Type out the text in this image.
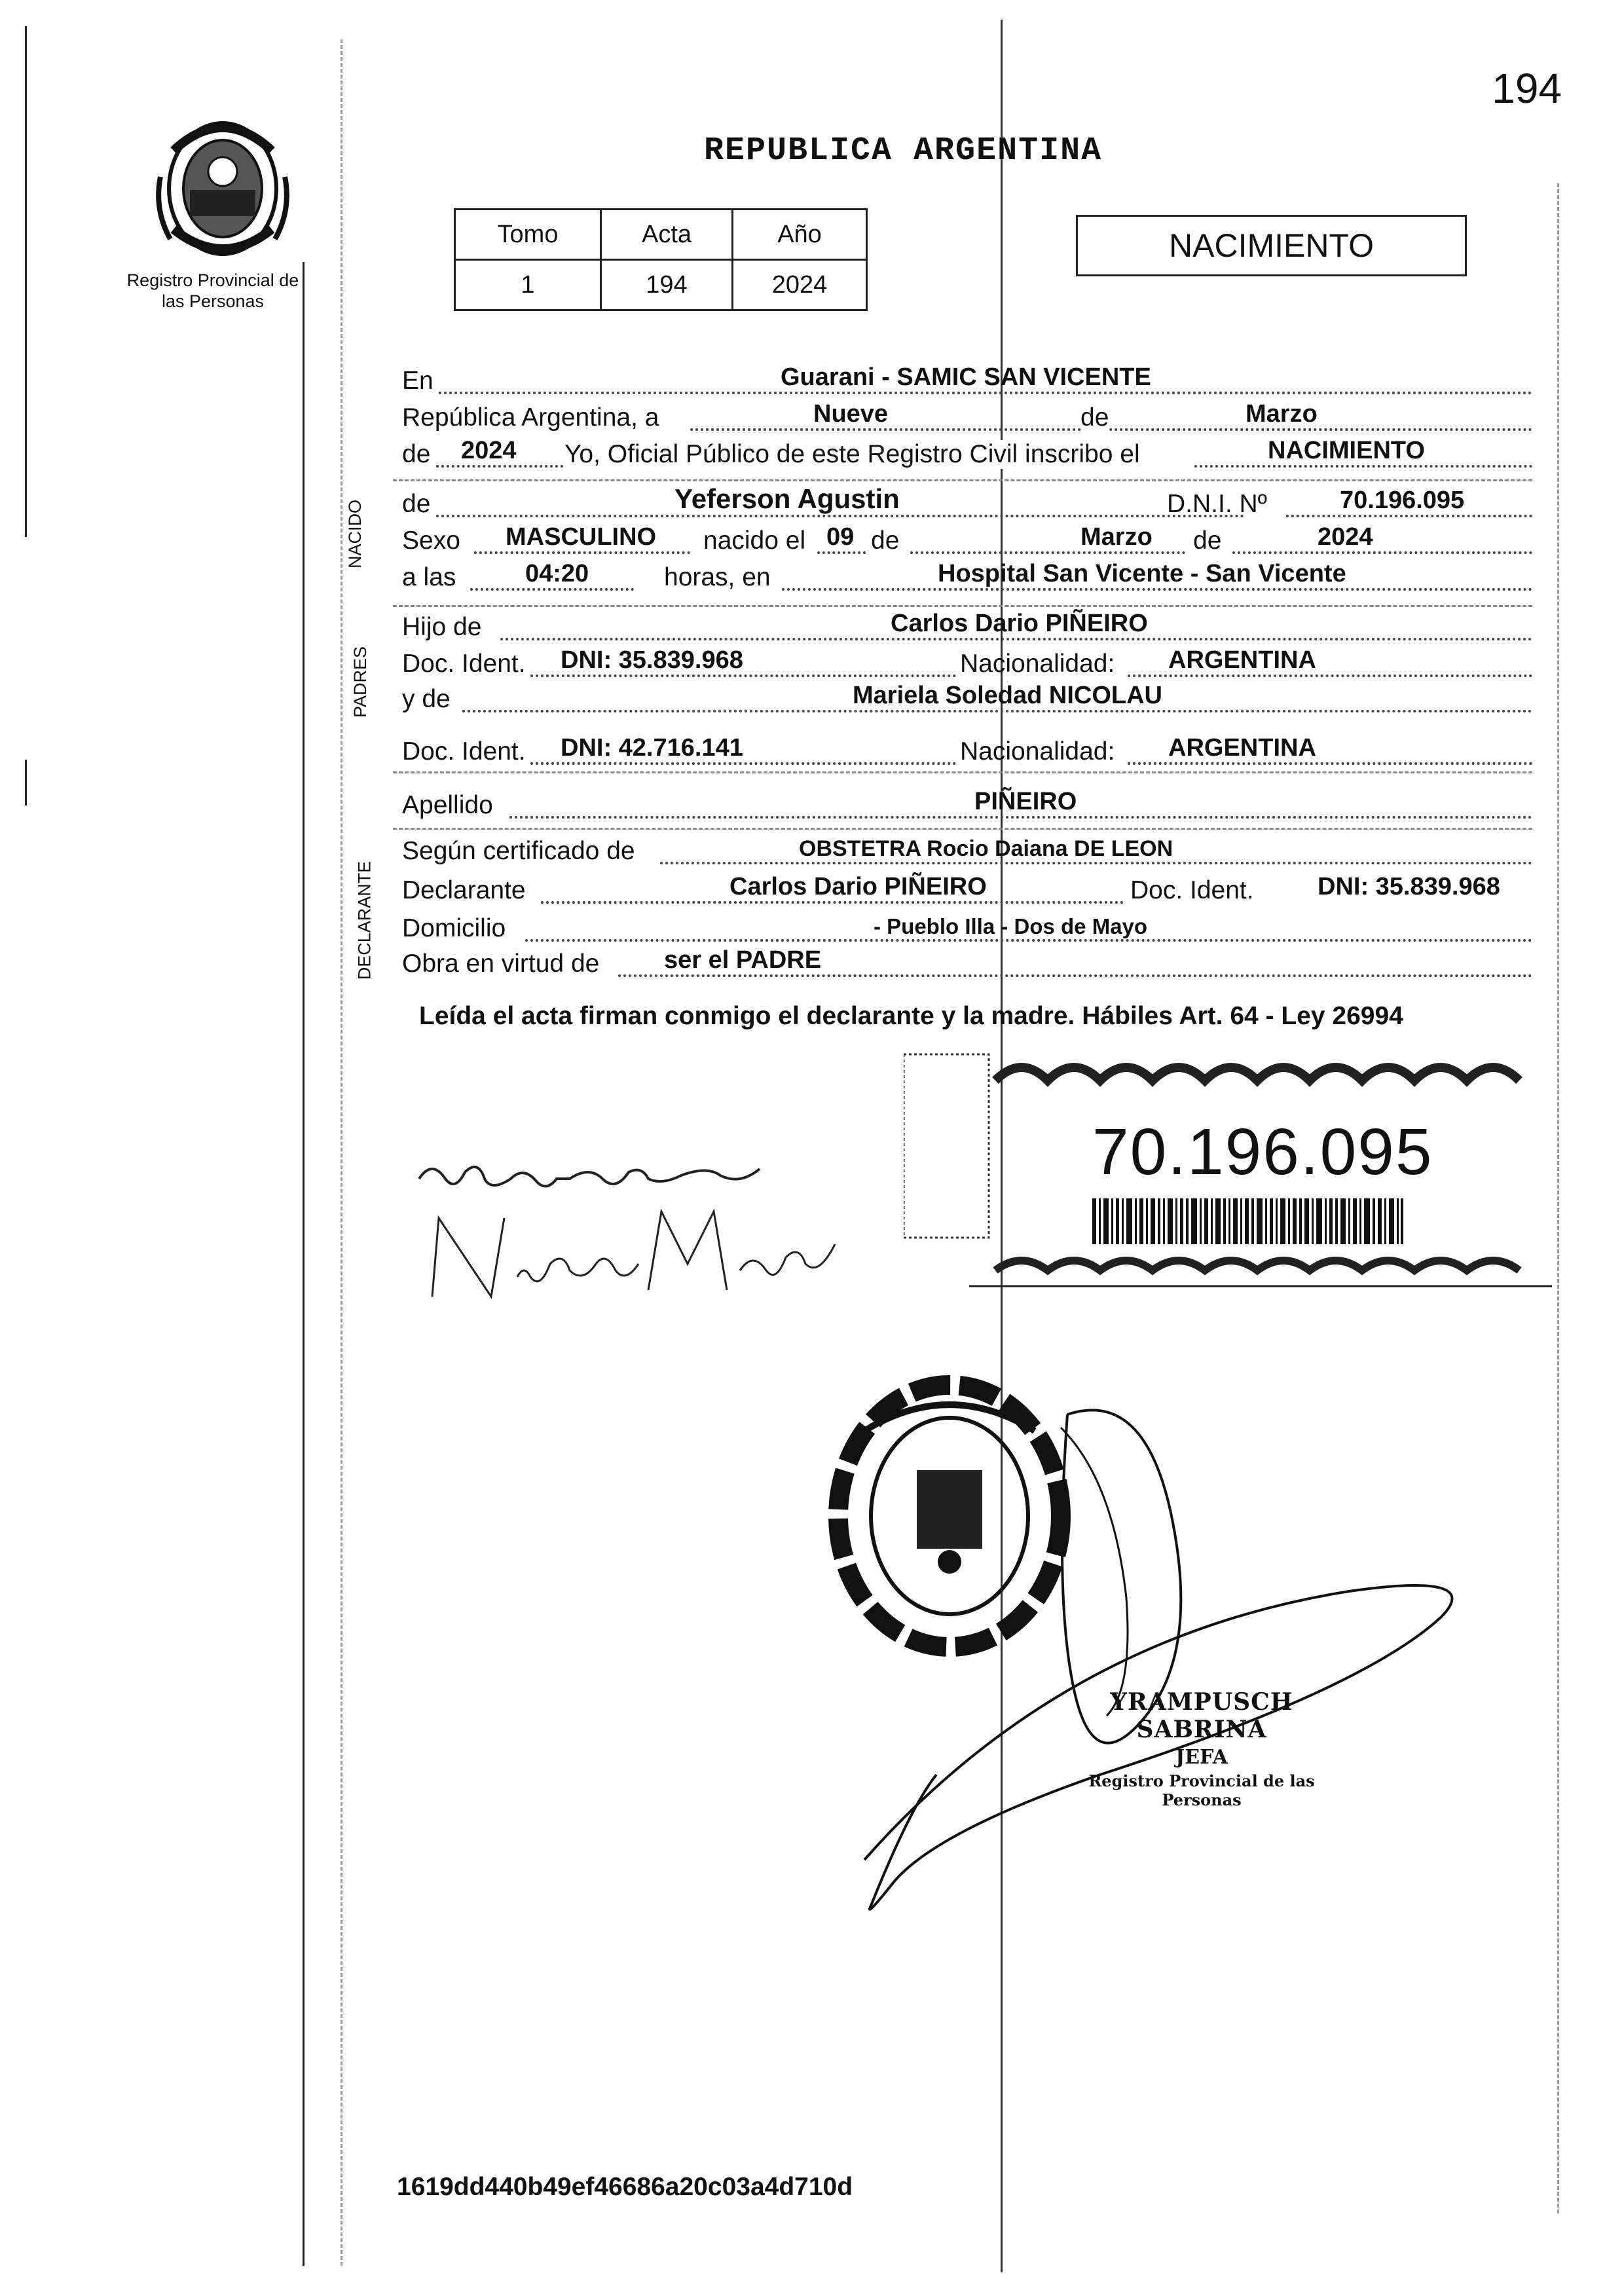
194
REPUBLICA ARGENTINA
Registro Provincial de las Personas
Tomo	Acta	Año
1	194	2024
NACIMIENTO
En	Guarani - SAMIC SAN VICENTE
República Argentina, a	Nueve	de	Marzo
de 2024 Yo, Oficial Público de este Registro Civil inscribo el	NACIMIENTO
NACIDO de	Yeferson Agustin	D.N.I. Nº	70.196.095
Sexo MASCULINO nacido el 09 de	Marzo de	2024
a las	04:20	horas, en	Hospital San Vicente - San Vicente
PADRES
Hijo de	Carlos Dario PIÑEIRO
Doc. Ident. DNI: 35.839.968	Nacionalidad: ARGENTINA
y de	Mariela Soledad NICOLAU
Doc. Ident. DNI: 42.716.141	Nacionalidad: ARGENTINA
Apellido	PIÑEIRO
DECLARANTE
Según certificado de	OBSTETRA Rocio Daiana DE LEON
Declarante	Carlos Dario PIÑEIRO	Doc. Ident.	DNI: 35.839.968
Domicilio	- Pueblo Illa - Dos de Mayo
Obra en virtud de	ser el PADRE
Leída el acta firman conmigo el declarante y la madre. Hábiles Art. 64 - Ley 26994
70.196.095
YRAMPUSCH SABRINA
JEFA
Registro Provincial de las Personas
1619dd440b49ef46686a20c03a4d710d
